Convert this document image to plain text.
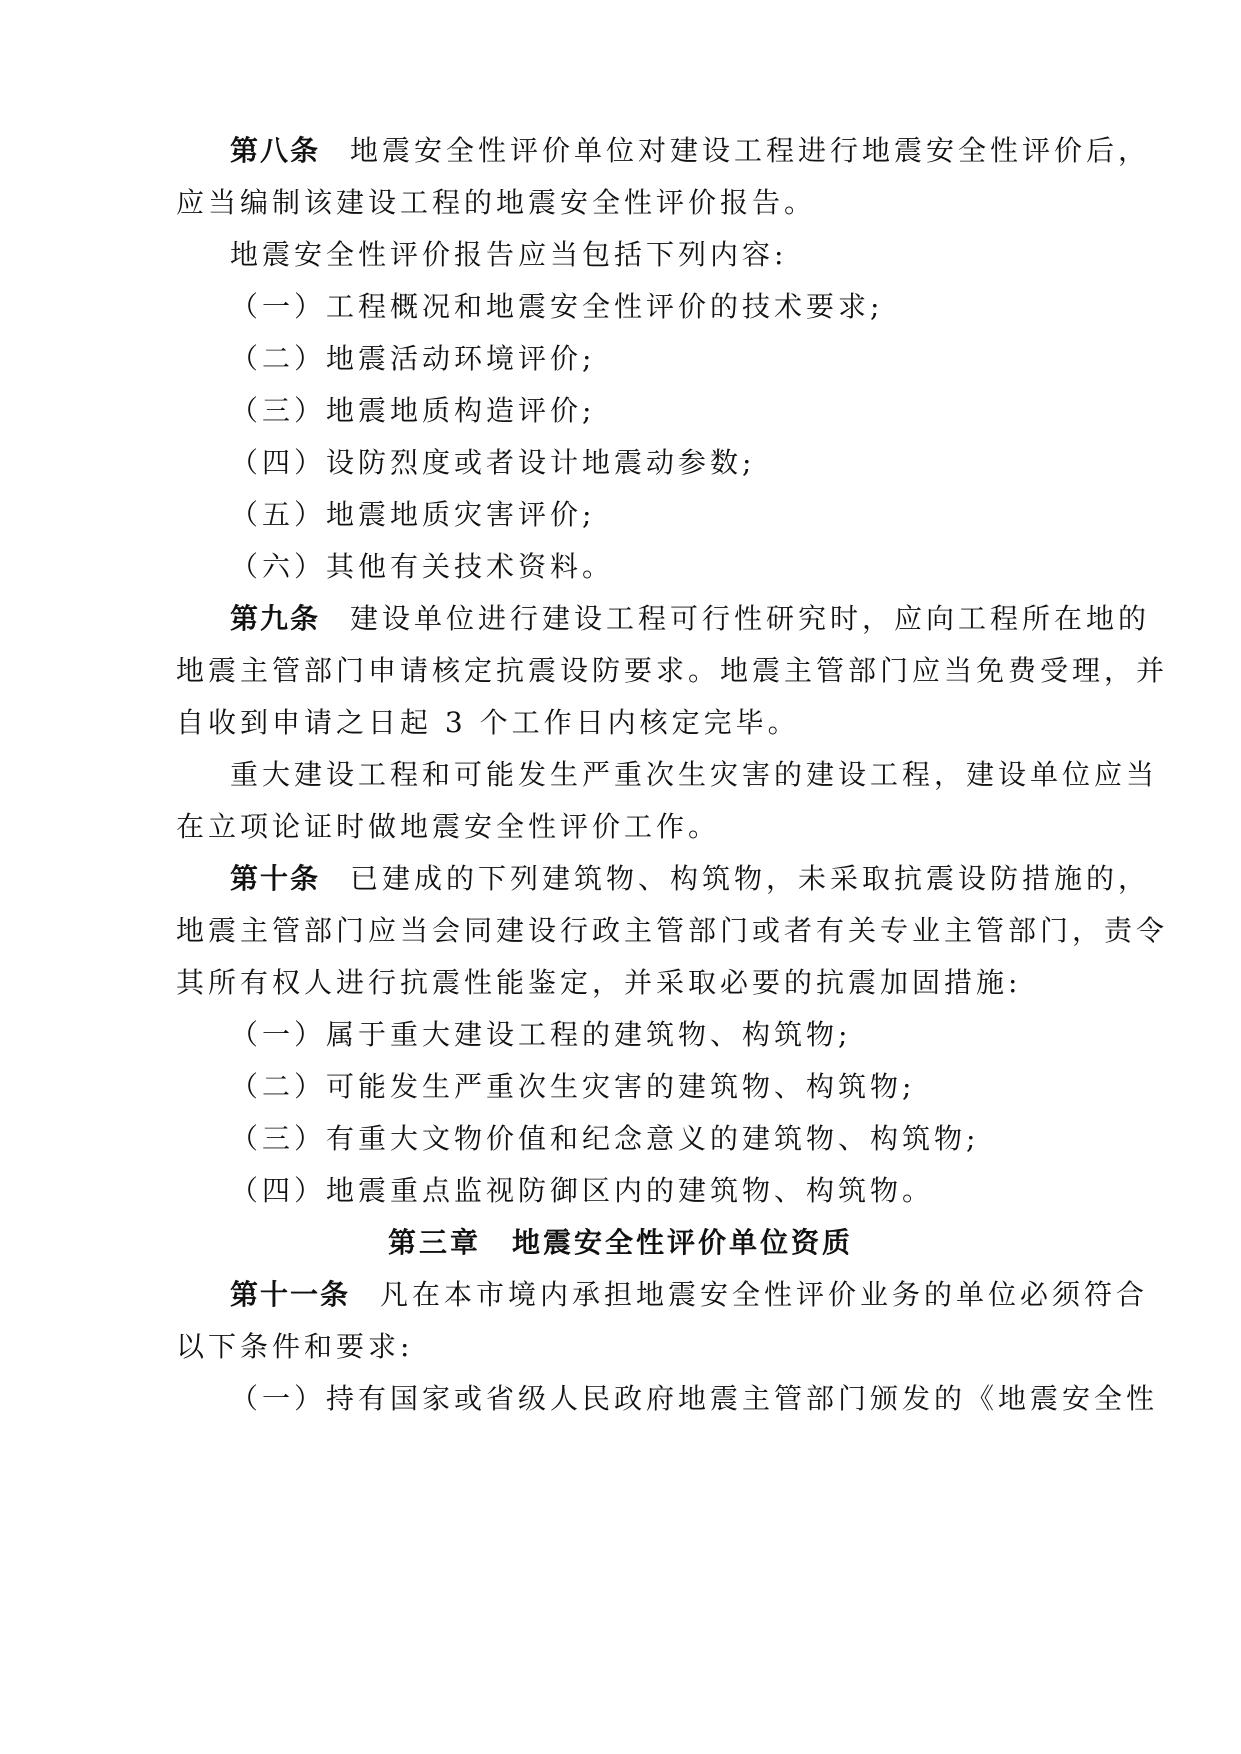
第八条 地震安全性评价单位对建设工程进行地震安全性评价后，
应当编制该建设工程的地震安全性评价报告。
地震安全性评价报告应当包括下列内容:
（一）工程概况和地震安全性评价的技术要求;
（二）地震活动环境评价;
（三）地震地质构造评价;
（四）设防烈度或者设计地震动参数;
（五）地震地质灾害评价;
（六）其他有关技术资料。
第九条 建设单位进行建设工程可行性研究时，应向工程所在地的
地震主管部门申请核定抗震设防要求。地震主管部门应当免费受理，并
自收到申请之日起 3 个工作日内核定完毕。
重大建设工程和可能发生严重次生灾害的建设工程，建设单位应当
在立项论证时做地震安全性评价工作。
第十条 已建成的下列建筑物、构筑物，未采取抗震设防措施的，
地震主管部门应当会同建设行政主管部门或者有关专业主管部门，责令
其所有权人进行抗震性能鉴定，并采取必要的抗震加固措施:
（一）属于重大建设工程的建筑物、构筑物;
（二）可能发生严重次生灾害的建筑物、构筑物;
（三）有重大文物价值和纪念意义的建筑物、构筑物;
（四）地震重点监视防御区内的建筑物、构筑物。
第三章　地震安全性评价单位资质
第十一条 凡在本市境内承担地震安全性评价业务的单位必须符合
以下条件和要求:
（一）持有国家或省级人民政府地震主管部门颁发的《地震安全性
